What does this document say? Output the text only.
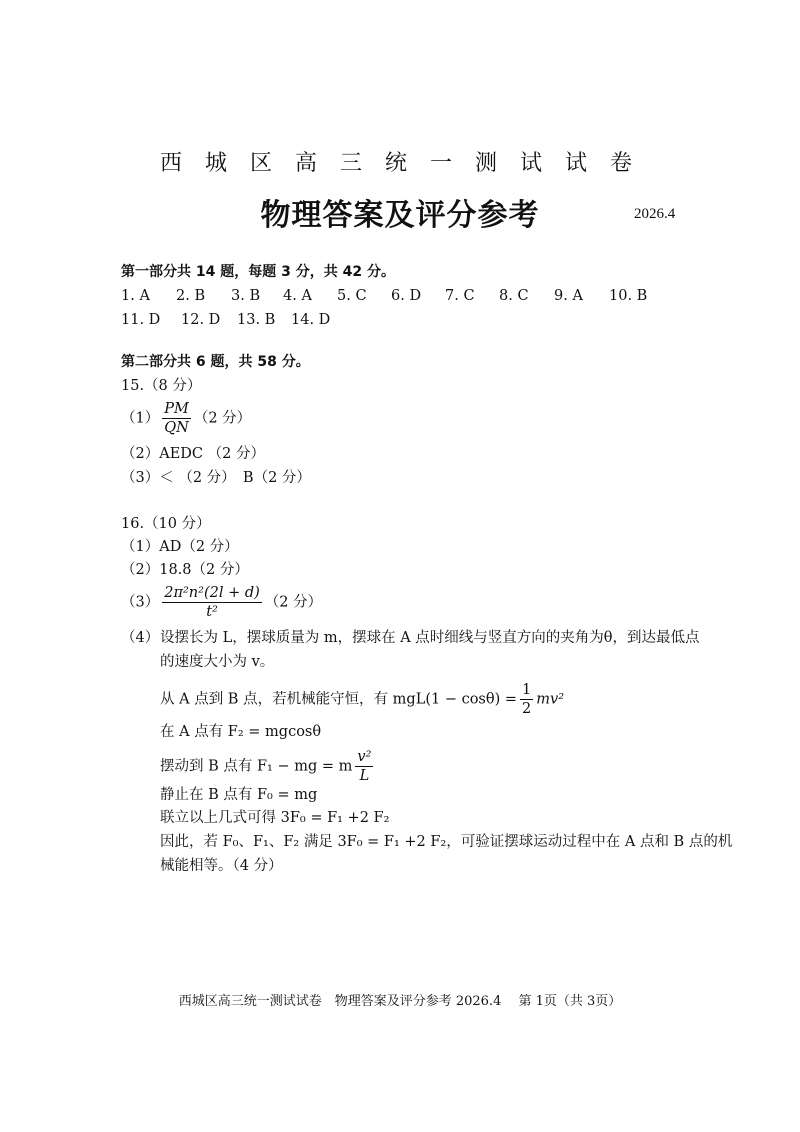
西 城 区 高 三 统 一 测 试 试 卷
物理答案及评分参考	2026.4
第一部分共 14 题，每题 3 分，共 42 分。
1. A 2. B 3. B 4. A 5. C 6. D 7. C 8. C 9. A 10. B
11. D 12. D 13. B 14. D
第二部分共 6 题，共 58 分。
15.（8 分）
$(1) \frac{PM}{QN} (2$ 分）
（2）AEDC （2 分）
（3）＜ （2 分）　B（2 分）
16.（10 分）
（1）AD（2 分）
（2）18.8（2 分）
$(3) \frac{\text{2π²n²(2l + d)}}{\text{t²}} (2$ 分）
（4） 设摆长为 L，摆球质量为 m，摆球在 A 点时细线与竖直方向的夹角为θ，到达最低点
的速度大小为 v。
从 A 点到 B 点，若机械能守恒，有 $mgL(1 - \cos\theta) = \frac{1}{2} mv^2$
在 A 点有 F₂ = mgcosθ
摆动到 B 点有 F₁ − mg = m $\frac{\text{v²}}{L}$
静止在 B 点有 F₀ = mg
联立以上几式可得 3F₀ = F₁ +2 F₂
因此，若 F₀、F₁、F₂ 满足 3F₀ = F₁ +2 F₂，可验证摆球运动过程中在 A 点和 B 点的机
械能相等。（4 分）
西城区高三统一测试试卷　物理答案及评分参考 2026.4　 第 1页（共 3页）
